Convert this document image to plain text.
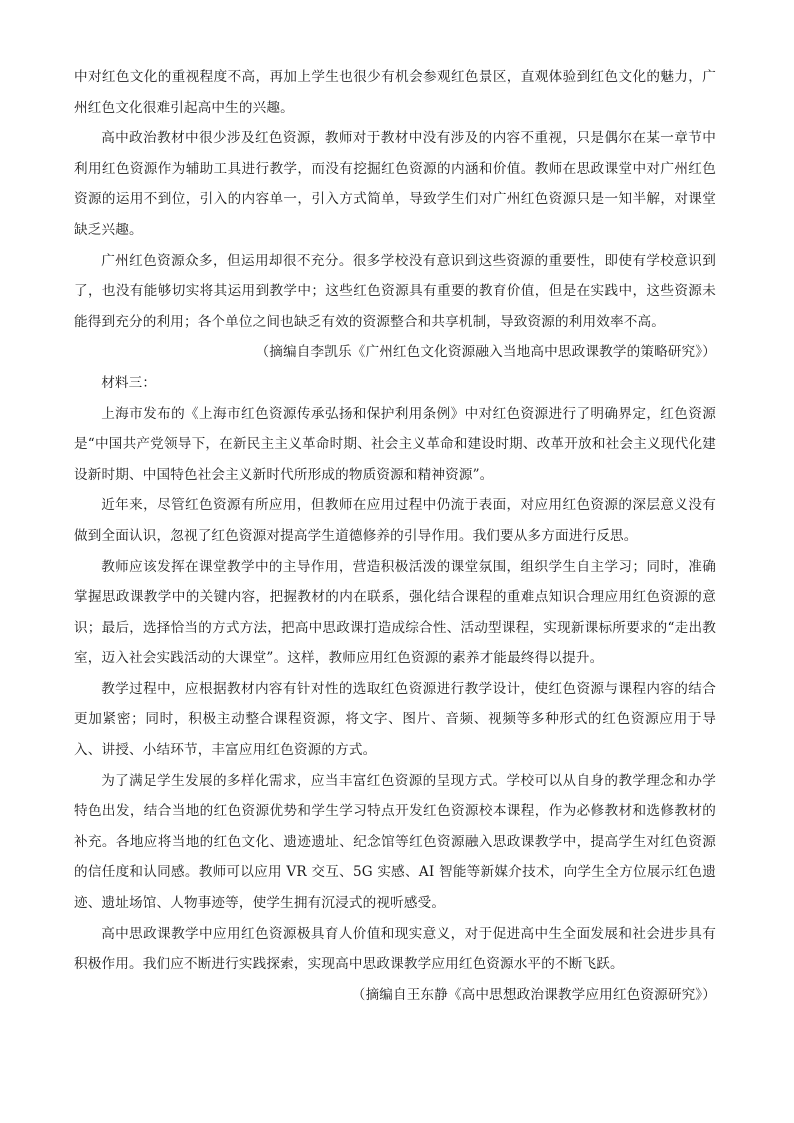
中对红色文化的重视程度不高，再加上学生也很少有机会参观红色景区，直观体验到红色文化的魅力，广州红色文化很难引起高中生的兴趣。

高中政治教材中很少涉及红色资源，教师对于教材中没有涉及的内容不重视，只是偶尔在某一章节中利用红色资源作为辅助工具进行教学，而没有挖掘红色资源的内涵和价值。教师在思政课堂中对广州红色资源的运用不到位，引入的内容单一，引入方式简单，导致学生们对广州红色资源只是一知半解，对课堂缺乏兴趣。

广州红色资源众多，但运用却很不充分。很多学校没有意识到这些资源的重要性，即使有学校意识到了，也没有能够切实将其运用到教学中；这些红色资源具有重要的教育价值，但是在实践中，这些资源未能得到充分的利用；各个单位之间也缺乏有效的资源整合和共享机制，导致资源的利用效率不高。

（摘编自李凯乐《广州红色文化资源融入当地高中思政课教学的策略研究》）

材料三：

上海市发布的《上海市红色资源传承弘扬和保护利用条例》中对红色资源进行了明确界定，红色资源是“中国共产党领导下，在新民主主义革命时期、社会主义革命和建设时期、改革开放和社会主义现代化建设新时期、中国特色社会主义新时代所形成的物质资源和精神资源”。

近年来，尽管红色资源有所应用，但教师在应用过程中仍流于表面，对应用红色资源的深层意义没有做到全面认识，忽视了红色资源对提高学生道德修养的引导作用。我们要从多方面进行反思。

教师应该发挥在课堂教学中的主导作用，营造积极活泼的课堂氛围，组织学生自主学习；同时，准确掌握思政课教学中的关键内容，把握教材的内在联系，强化结合课程的重难点知识合理应用红色资源的意识；最后，选择恰当的方式方法，把高中思政课打造成综合性、活动型课程，实现新课标所要求的“走出教室，迈入社会实践活动的大课堂”。这样，教师应用红色资源的素养才能最终得以提升。

教学过程中，应根据教材内容有针对性的选取红色资源进行教学设计，使红色资源与课程内容的结合更加紧密；同时，积极主动整合课程资源，将文字、图片、音频、视频等多种形式的红色资源应用于导入、讲授、小结环节，丰富应用红色资源的方式。

为了满足学生发展的多样化需求，应当丰富红色资源的呈现方式。学校可以从自身的教学理念和办学特色出发，结合当地的红色资源优势和学生学习特点开发红色资源校本课程，作为必修教材和选修教材的补充。各地应将当地的红色文化、遗迹遗址、纪念馆等红色资源融入思政课教学中，提高学生对红色资源的信任度和认同感。教师可以应用 VR 交互、5G 实感、AI 智能等新媒介技术，向学生全方位展示红色遗迹、遗址场馆、人物事迹等，使学生拥有沉浸式的视听感受。

高中思政课教学中应用红色资源极具育人价值和现实意义，对于促进高中生全面发展和社会进步具有积极作用。我们应不断进行实践探索，实现高中思政课教学应用红色资源水平的不断飞跃。

（摘编自王东静《高中思想政治课教学应用红色资源研究》）
